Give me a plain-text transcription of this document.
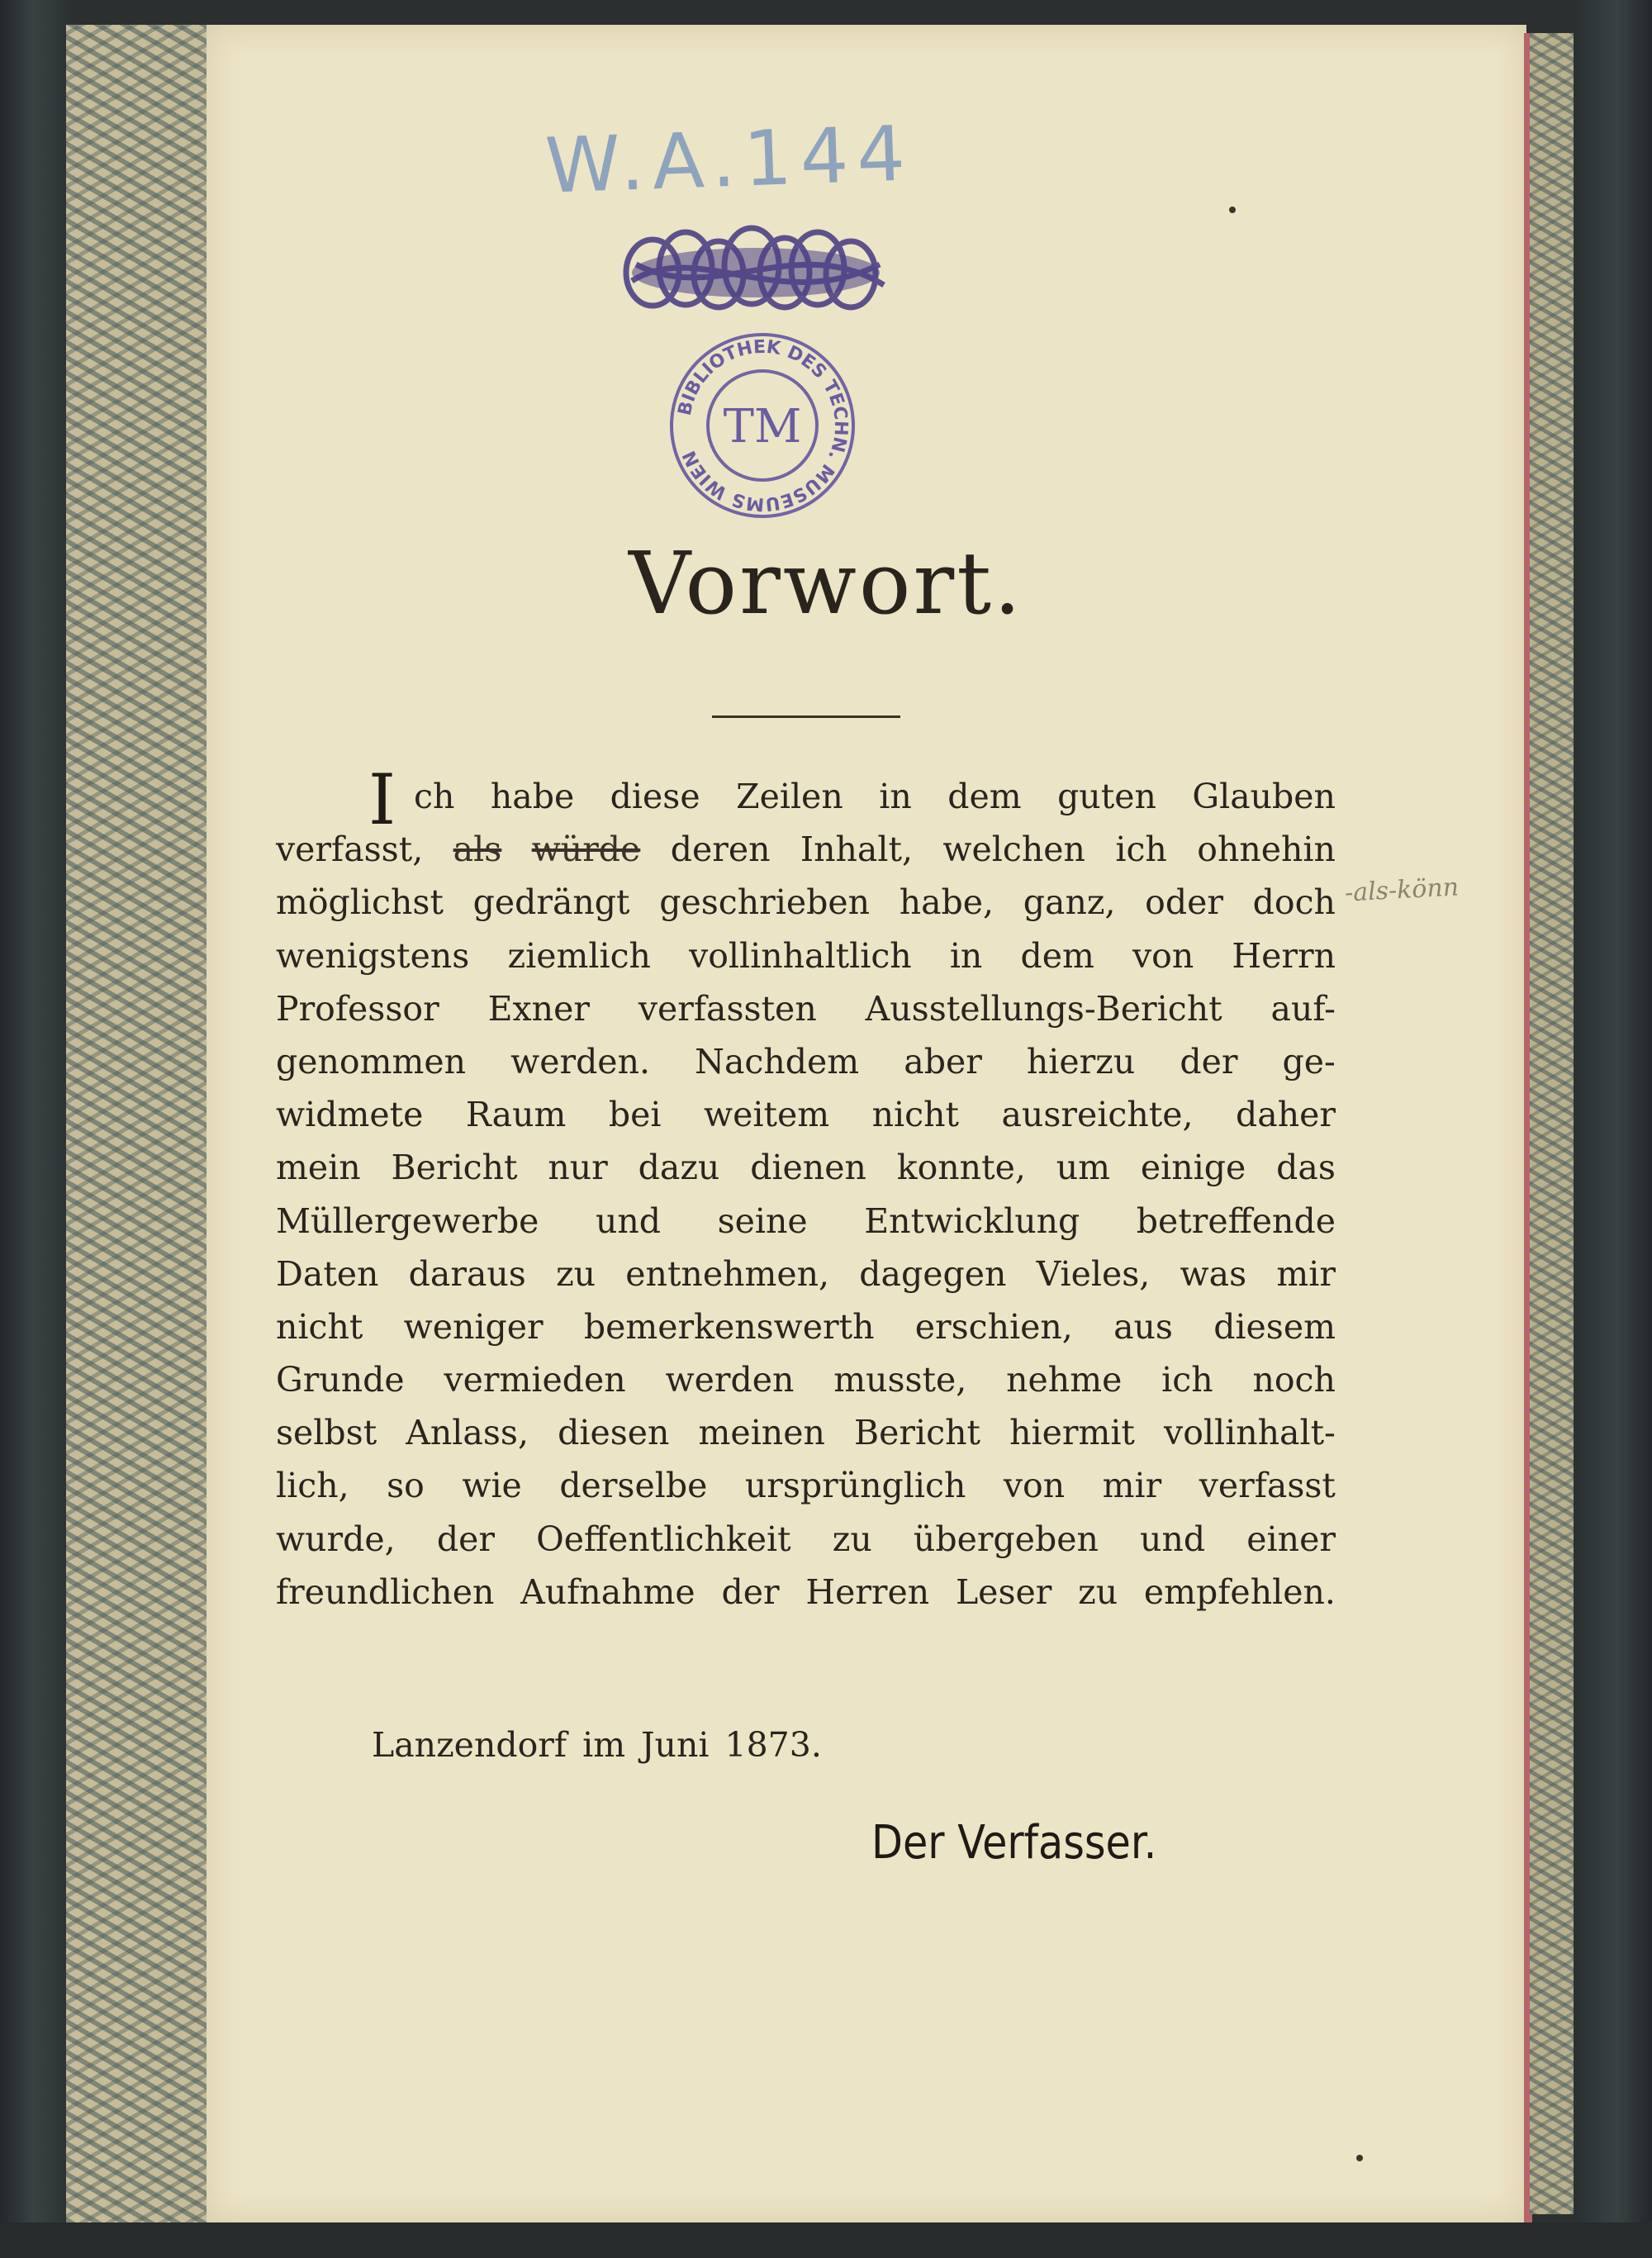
W.A.144
BIBLIOTHEK DES TECHN. MUSEUMS WIEN
TM
Vorwort.
I ch habe diese Zeilen in dem guten Glauben
verfasst, als würde deren Inhalt, welchen ich ohnehin
möglichst gedrängt geschrieben habe, ganz, oder doch
wenigstens ziemlich vollinhaltlich in dem von Herrn
Professor Exner verfassten Ausstellungs-Bericht auf-
genommen werden. Nachdem aber hierzu der ge-
widmete Raum bei weitem nicht ausreichte, daher
mein Bericht nur dazu dienen konnte, um einige das
Müllergewerbe und seine Entwicklung betreffende
Daten daraus zu entnehmen, dagegen Vieles, was mir
nicht weniger bemerkenswerth erschien, aus diesem
Grunde vermieden werden musste, nehme ich noch
selbst Anlass, diesen meinen Bericht hiermit vollinhalt-
lich, so wie derselbe ursprünglich von mir verfasst
wurde, der Oeffentlichkeit zu übergeben und einer
freundlichen Aufnahme der Herren Leser zu empfehlen.
-als-könn
Lanzendorf im Juni 1873.
Der Verfasser.
